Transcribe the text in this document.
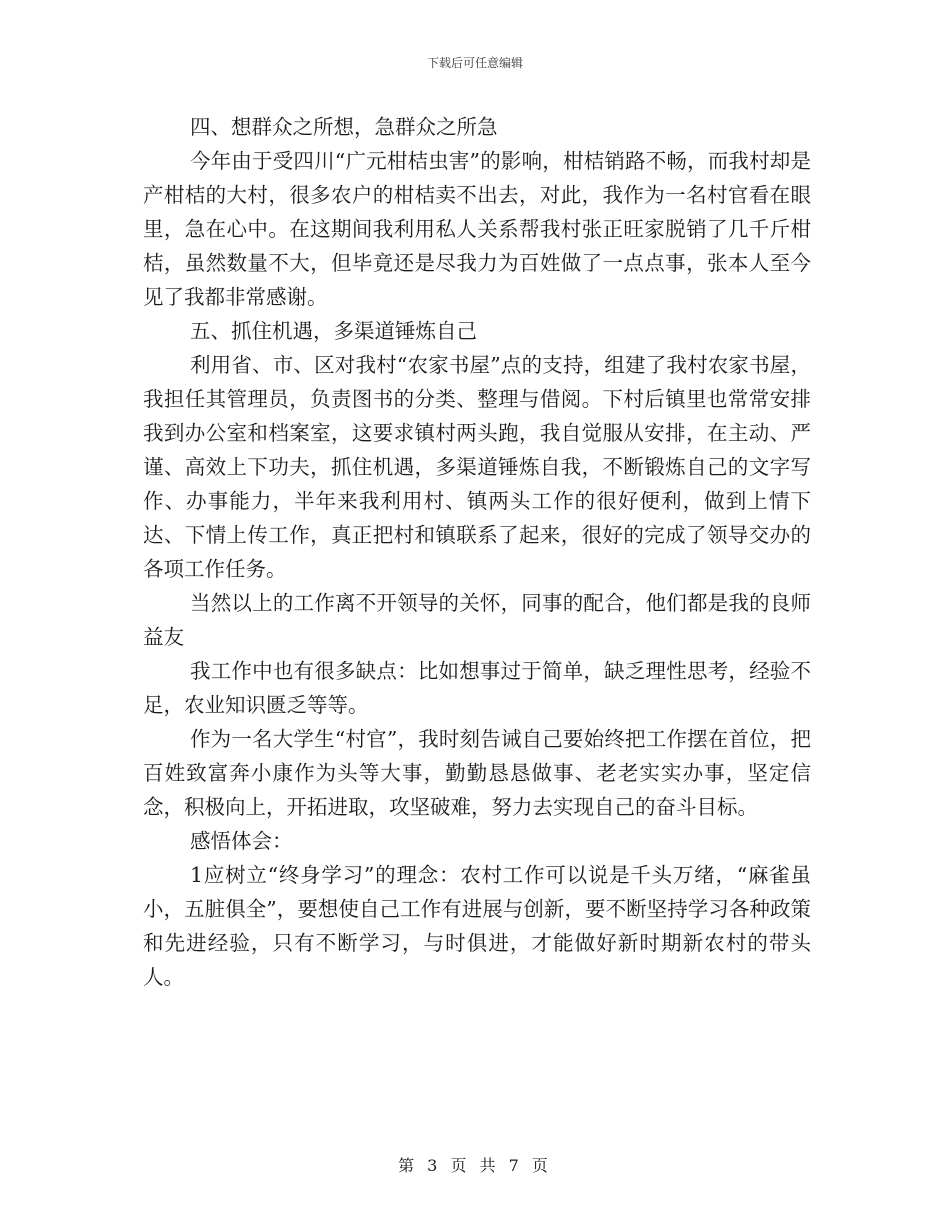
下载后可任意编辑

四、想群众之所想，急群众之所急

今年由于受四川“广元柑桔虫害”的影响，柑桔销路不畅，而我村却是产柑桔的大村，很多农户的柑桔卖不出去，对此，我作为一名村官看在眼里，急在心中。在这期间我利用私人关系帮我村张正旺家脱销了几千斤柑桔，虽然数量不大，但毕竟还是尽我力为百姓做了一点点事，张本人至今见了我都非常感谢。

五、抓住机遇，多渠道锤炼自己

利用省、市、区对我村“农家书屋”点的支持，组建了我村农家书屋，我担任其管理员，负责图书的分类、整理与借阅。下村后镇里也常常安排我到办公室和档案室，这要求镇村两头跑，我自觉服从安排，在主动、严谨、高效上下功夫，抓住机遇，多渠道锤炼自我，不断锻炼自己的文字写作、办事能力，半年来我利用村、镇两头工作的很好便利，做到上情下达、下情上传工作，真正把村和镇联系了起来，很好的完成了领导交办的各项工作任务。

当然以上的工作离不开领导的关怀，同事的配合，他们都是我的良师益友

我工作中也有很多缺点：比如想事过于简单，缺乏理性思考，经验不足，农业知识匮乏等等。

作为一名大学生“村官”，我时刻告诫自己要始终把工作摆在首位，把百姓致富奔小康作为头等大事，勤勤恳恳做事、老老实实办事，坚定信念，积极向上，开拓进取，攻坚破难，努力去实现自己的奋斗目标。

感悟体会：

1应树立“终身学习”的理念：农村工作可以说是千头万绪，“麻雀虽小，五脏俱全”，要想使自己工作有进展与创新，要不断坚持学习各种政策和先进经验，只有不断学习，与时俱进，才能做好新时期新农村的带头人。

第 3 页 共 7 页
